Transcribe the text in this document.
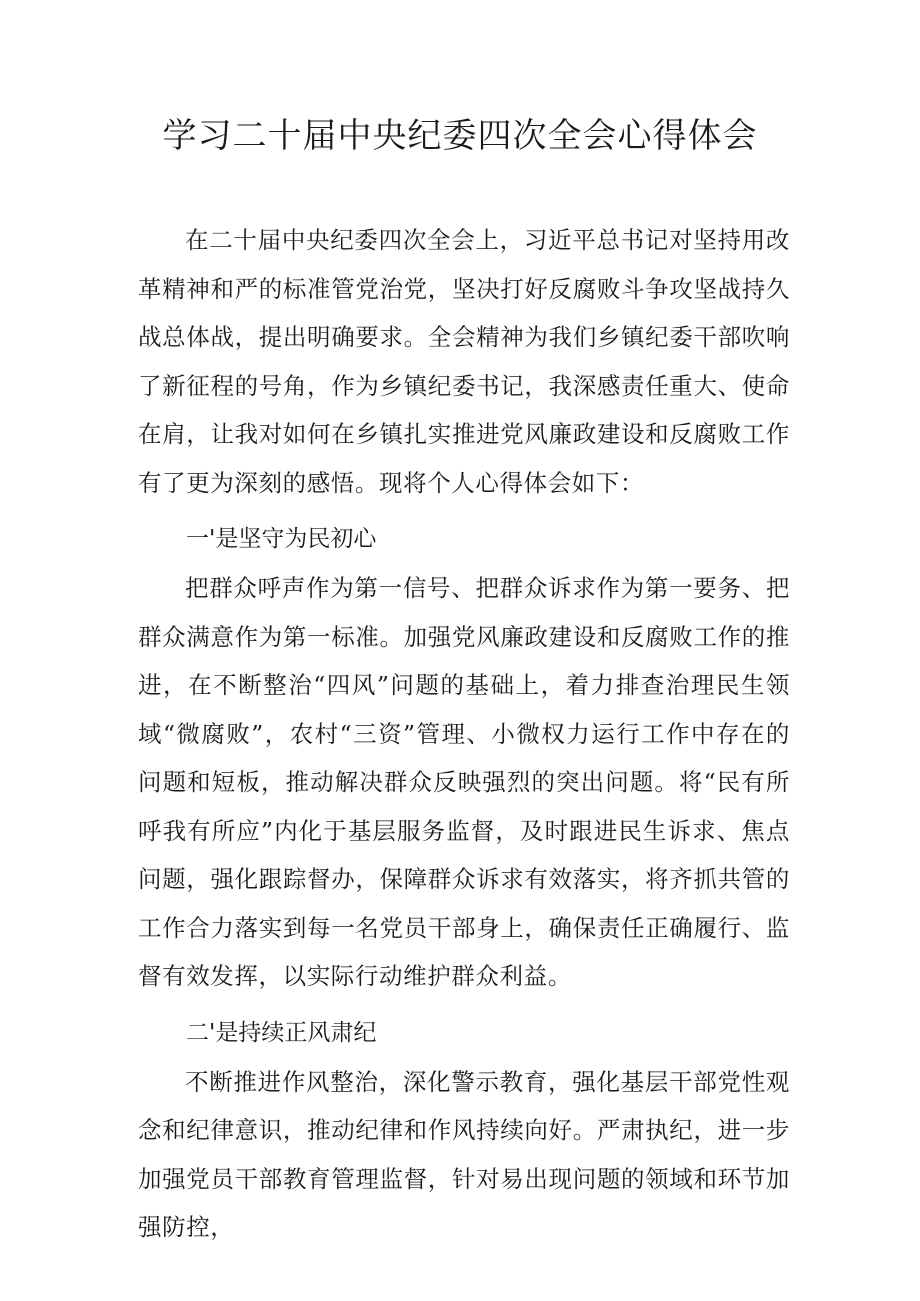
学习二十届中央纪委四次全会心得体会

在二十届中央纪委四次全会上，习近平总书记对坚持用改革精神和严的标准管党治党，坚决打好反腐败斗争攻坚战持久战总体战，提出明确要求。全会精神为我们乡镇纪委干部吹响了新征程的号角，作为乡镇纪委书记，我深感责任重大、使命在肩，让我对如何在乡镇扎实推进党风廉政建设和反腐败工作有了更为深刻的感悟。现将个人心得体会如下：

一'是坚守为民初心

把群众呼声作为第一信号、把群众诉求作为第一要务、把群众满意作为第一标准。加强党风廉政建设和反腐败工作的推进，在不断整治“四风”问题的基础上，着力排查治理民生领域“微腐败”，农村“三资”管理、小微权力运行工作中存在的问题和短板，推动解决群众反映强烈的突出问题。将“民有所呼我有所应”内化于基层服务监督，及时跟进民生诉求、焦点问题，强化跟踪督办，保障群众诉求有效落实，将齐抓共管的工作合力落实到每一名党员干部身上，确保责任正确履行、监督有效发挥，以实际行动维护群众利益。

二'是持续正风肃纪

不断推进作风整治，深化警示教育，强化基层干部党性观念和纪律意识，推动纪律和作风持续向好。严肃执纪，进一步加强党员干部教育管理监督，针对易出现问题的领域和环节加强防控，
